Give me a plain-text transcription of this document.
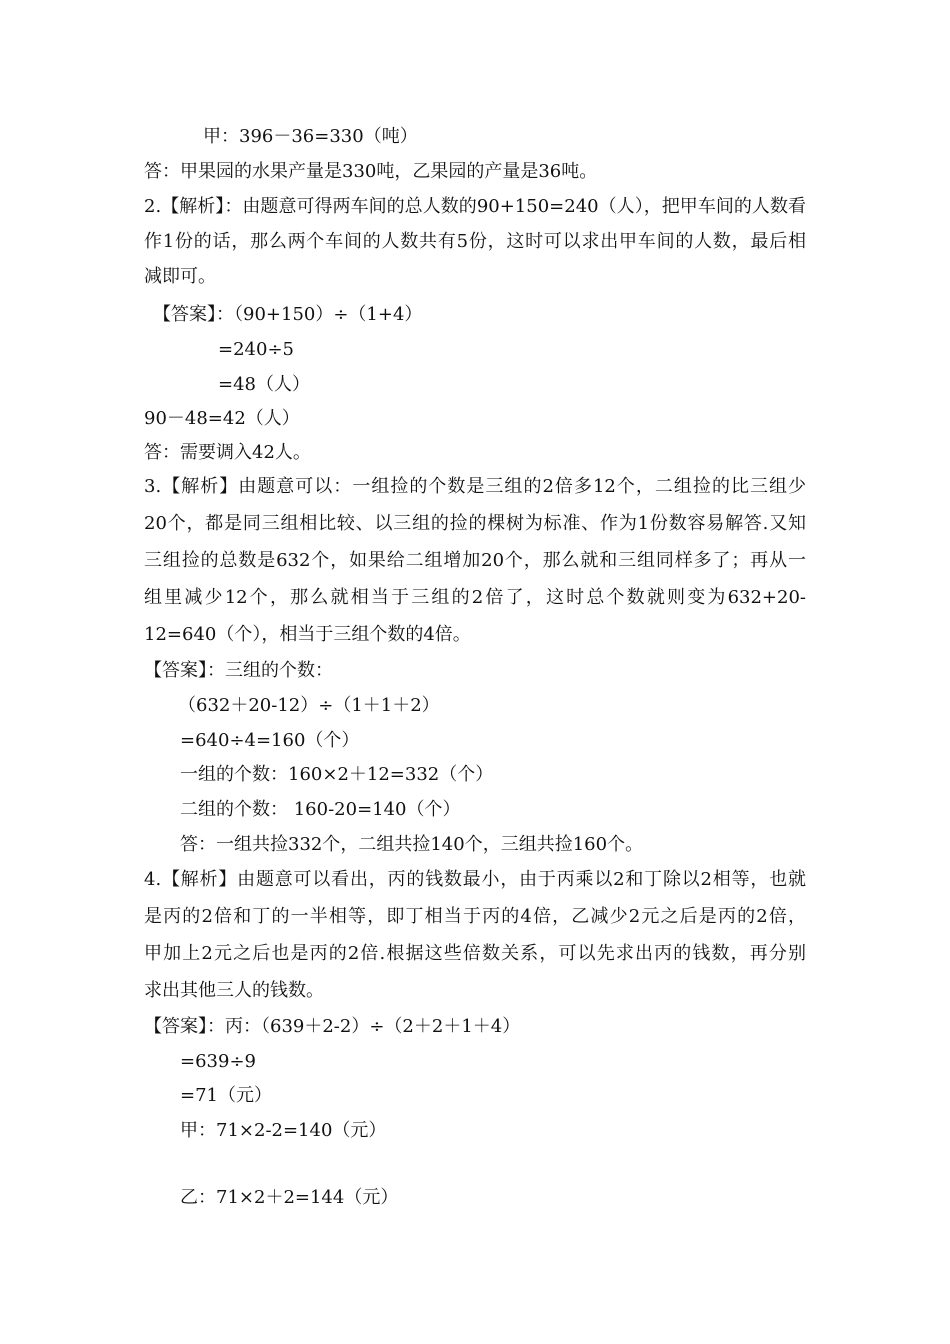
甲：396－36=330（吨）
答：甲果园的水果产量是330吨，乙果园的产量是36吨。
2.【解析】：由题意可得两车间的总人数的90+150=240（人），把甲车间的人数看
作1份的话，那么两个车间的人数共有5份，这时可以求出甲车间的人数，最后相
减即可。
【答案】：（90+150）÷（1+4）
=240÷5
=48（人）
90－48=42（人）
答：需要调入42人。
3.【解析】由题意可以：一组捡的个数是三组的2倍多12个，二组捡的比三组少
20个，都是同三组相比较、以三组的捡的棵树为标准、作为1份数容易解答.又知
三组捡的总数是632个，如果给二组增加20个，那么就和三组同样多了；再从一
组里减少12个，那么就相当于三组的2倍了，这时总个数就则变为632+20-
12=640（个），相当于三组个数的4倍。
【答案】：三组的个数：
（632＋20-12）÷（1＋1＋2）
=640÷4=160（个）
一组的个数：160×2＋12=332（个）
二组的个数： 160-20=140（个）
答：一组共捡332个，二组共捡140个，三组共捡160个。
4.【解析】由题意可以看出，丙的钱数最小，由于丙乘以2和丁除以2相等，也就
是丙的2倍和丁的一半相等，即丁相当于丙的4倍，乙减少2元之后是丙的2倍，
甲加上2元之后也是丙的2倍.根据这些倍数关系，可以先求出丙的钱数，再分别
求出其他三人的钱数。
【答案】：丙：（639＋2-2）÷（2＋2＋1＋4）
=639÷9
=71（元）
甲：71×2-2=140（元）
乙：71×2＋2=144（元）
